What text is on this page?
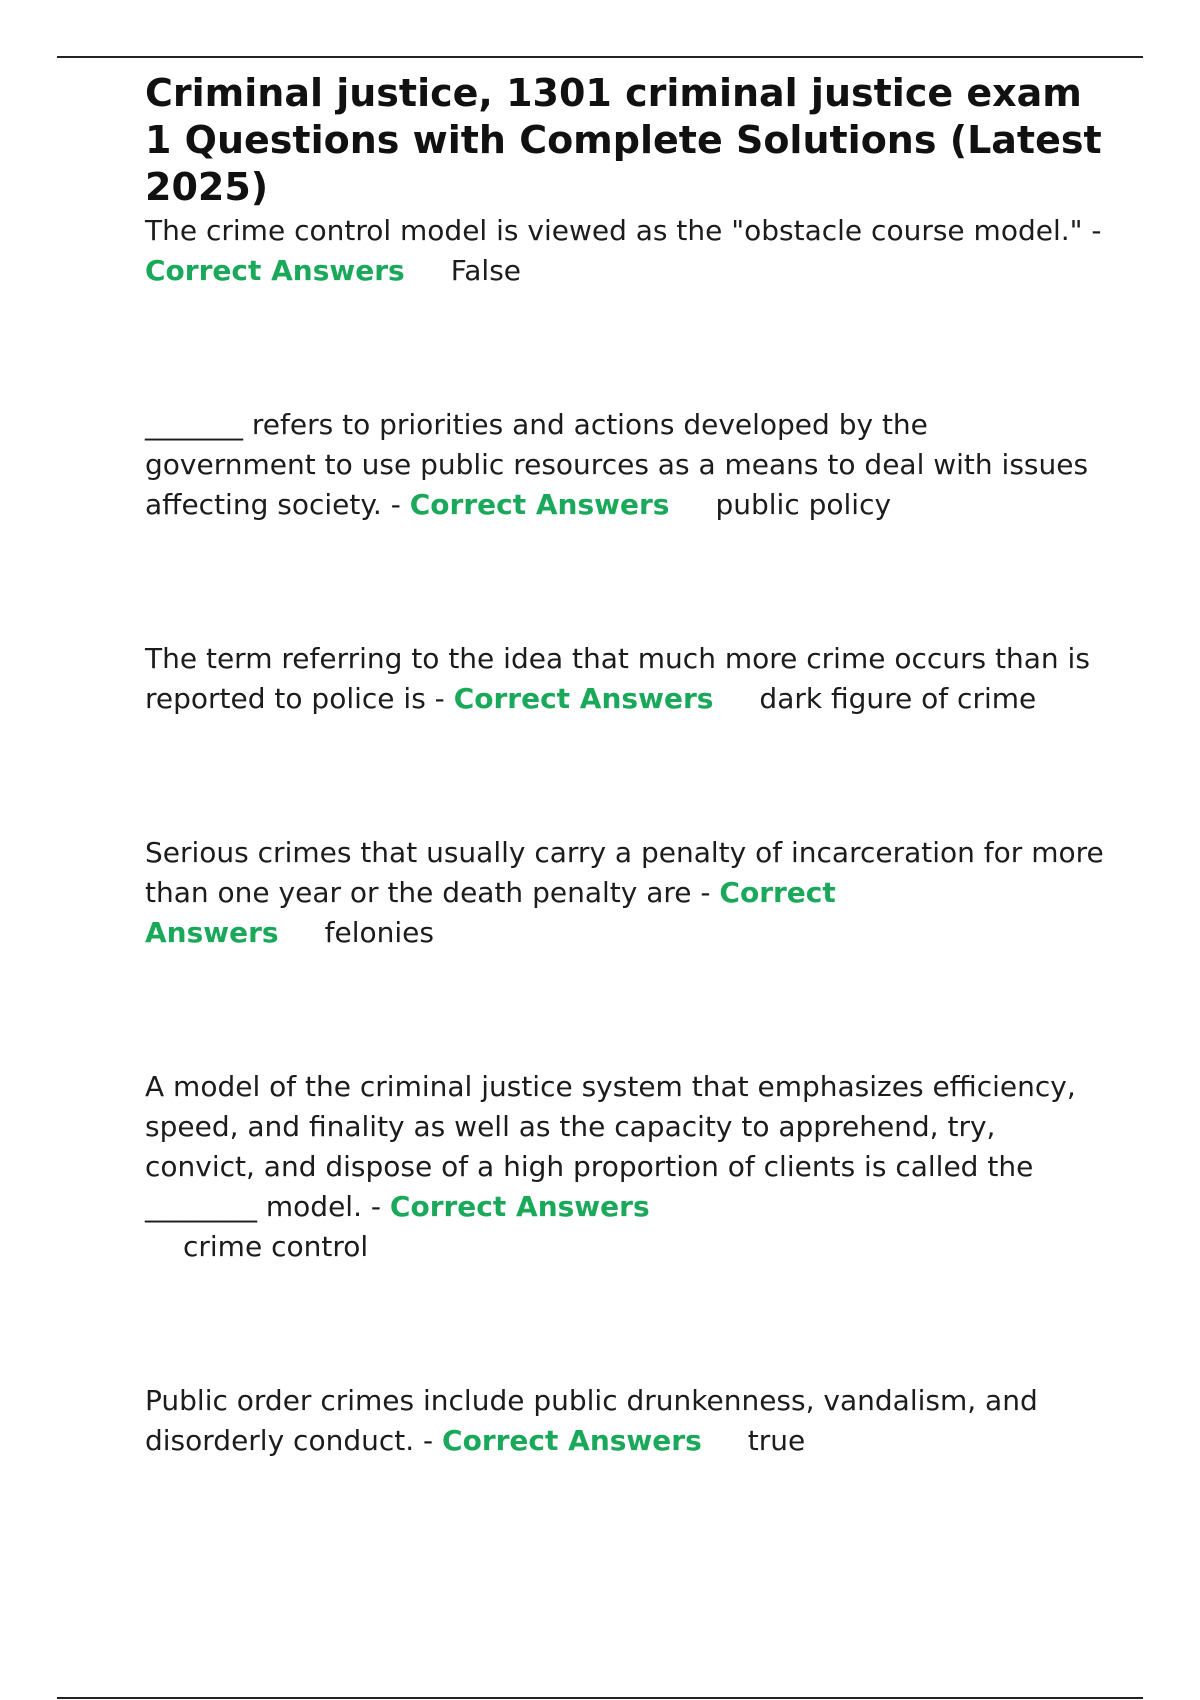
Criminal justice, 1301 criminal justice exam 1 Questions with Complete Solutions (Latest 2025)

The crime control model is viewed as the "obstacle course model." - Correct Answers False

_______ refers to priorities and actions developed by the government to use public resources as a means to deal with issues affecting society. - Correct Answers public policy

The term referring to the idea that much more crime occurs than is reported to police is - Correct Answers dark figure of crime

Serious crimes that usually carry a penalty of incarceration for more than one year or the death penalty are - Correct Answers felonies

A model of the criminal justice system that emphasizes efficiency, speed, and finality as well as the capacity to apprehend, try, convict, and dispose of a high proportion of clients is called the ________ model. - Correct Answers
crime control

Public order crimes include public drunkenness, vandalism, and disorderly conduct. - Correct Answers true
